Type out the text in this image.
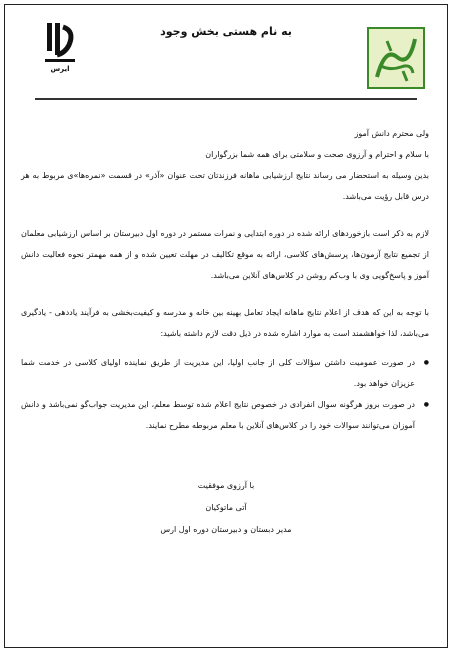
ایرس
به نام هستی بخش وجود

ولی محترم دانش آموز

با سلام و احترام و آرزوی صحت و سلامتی برای همه شما بزرگواران

بدین وسیله به استحضار می رساند نتایج ارزشیابی ماهانه فرزندتان تحت عنوان «آذر» در قسمت «نمره‌ها»ی مربوط به هر درس قابل رؤیت می‌باشد.

لازم به ذکر است بازخوردهای ارائه شده در دوره ابتدایی و نمرات مستمر در دوره اول دبیرستان بر اساس ارزشیابی معلمان از تجمیع نتایج آزمون‌ها، پرسش‌های کلاسی، ارائه به موقع تکالیف در مهلت تعیین شده و از همه مهمتر نحوه فعالیت دانش آموز و پاسخ‌گویی وی با وب‌کم روشن در کلاس‌های آنلاین می‌باشد.

با توجه به این که هدف از اعلام نتایج ماهانه ایجاد تعامل بهینه بین خانه و مدرسه و کیفیت‌بخشی به فرآیند یاددهی - یادگیری می‌باشد، لذا خواهشمند است به موارد اشاره شده در ذیل دقت لازم داشته باشید:

● در صورت عمومیت داشتن سؤالات کلی از جانب اولیا، این مدیریت از طریق نماینده اولیای کلاسی در خدمت شما عزیزان خواهد بود.
● در صورت بروز هرگونه سوال انفرادی در خصوص نتایج اعلام شده توسط معلم، این مدیریت جواب‌گو نمی‌باشد و دانش آموزان می‌توانند سوالات خود را در کلاس‌های آنلاین با معلم مربوطه مطرح نمایند.
با آرزوی موفقیت
آتی ماتوکیان
مدیر دبستان و دبیرستان دوره اول ارس
